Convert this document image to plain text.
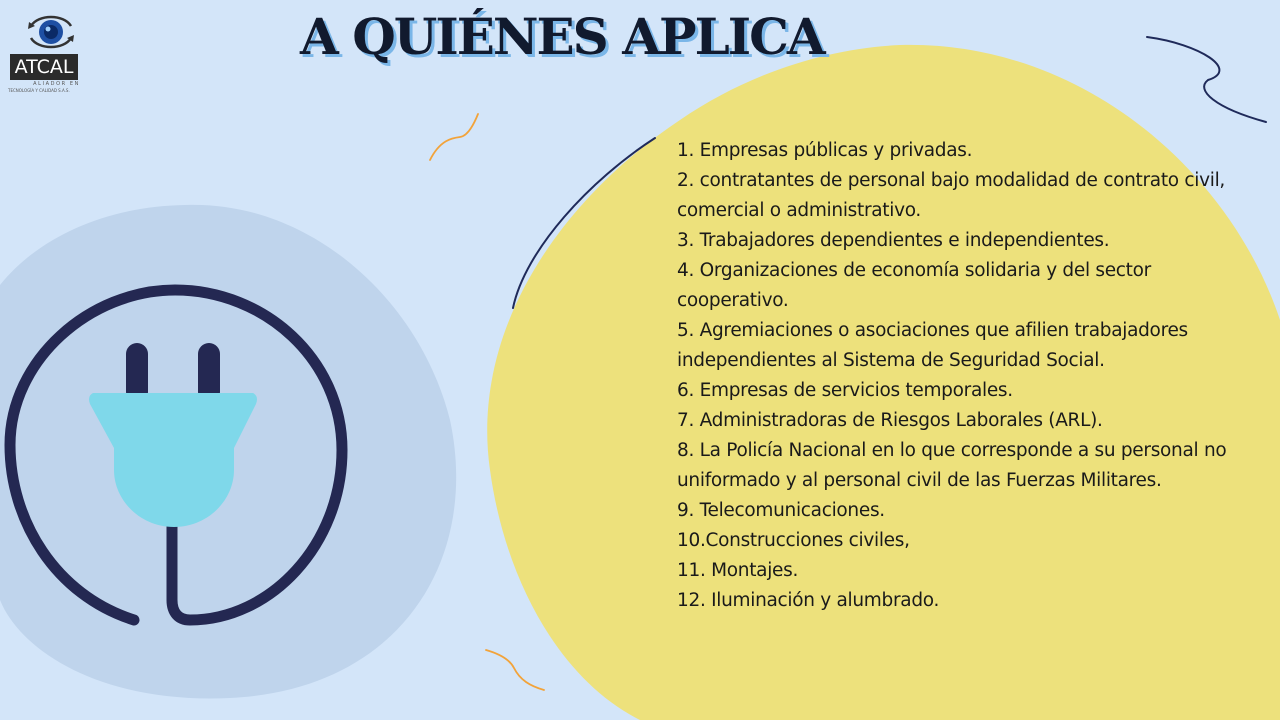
ATCAL
ALIADOR EN
TECNOLOGÍA Y CALIDAD S.A.S.
A QUIÉNES APLICA
1. Empresas públicas y privadas.
2. contratantes de personal bajo modalidad de contrato civil, comercial o administrativo.
3. Trabajadores dependientes e independientes.
4. Organizaciones de economía solidaria y del sector cooperativo.
5. Agremiaciones o asociaciones que afilien trabajadores independientes al Sistema de Seguridad Social.
6. Empresas de servicios temporales.
7. Administradoras de Riesgos Laborales (ARL).
8. La Policía Nacional en lo que corresponde a su personal no uniformado y al personal civil de las Fuerzas Militares.
9. Telecomunicaciones.
10.Construcciones civiles,
11. Montajes.
12. Iluminación y alumbrado.
